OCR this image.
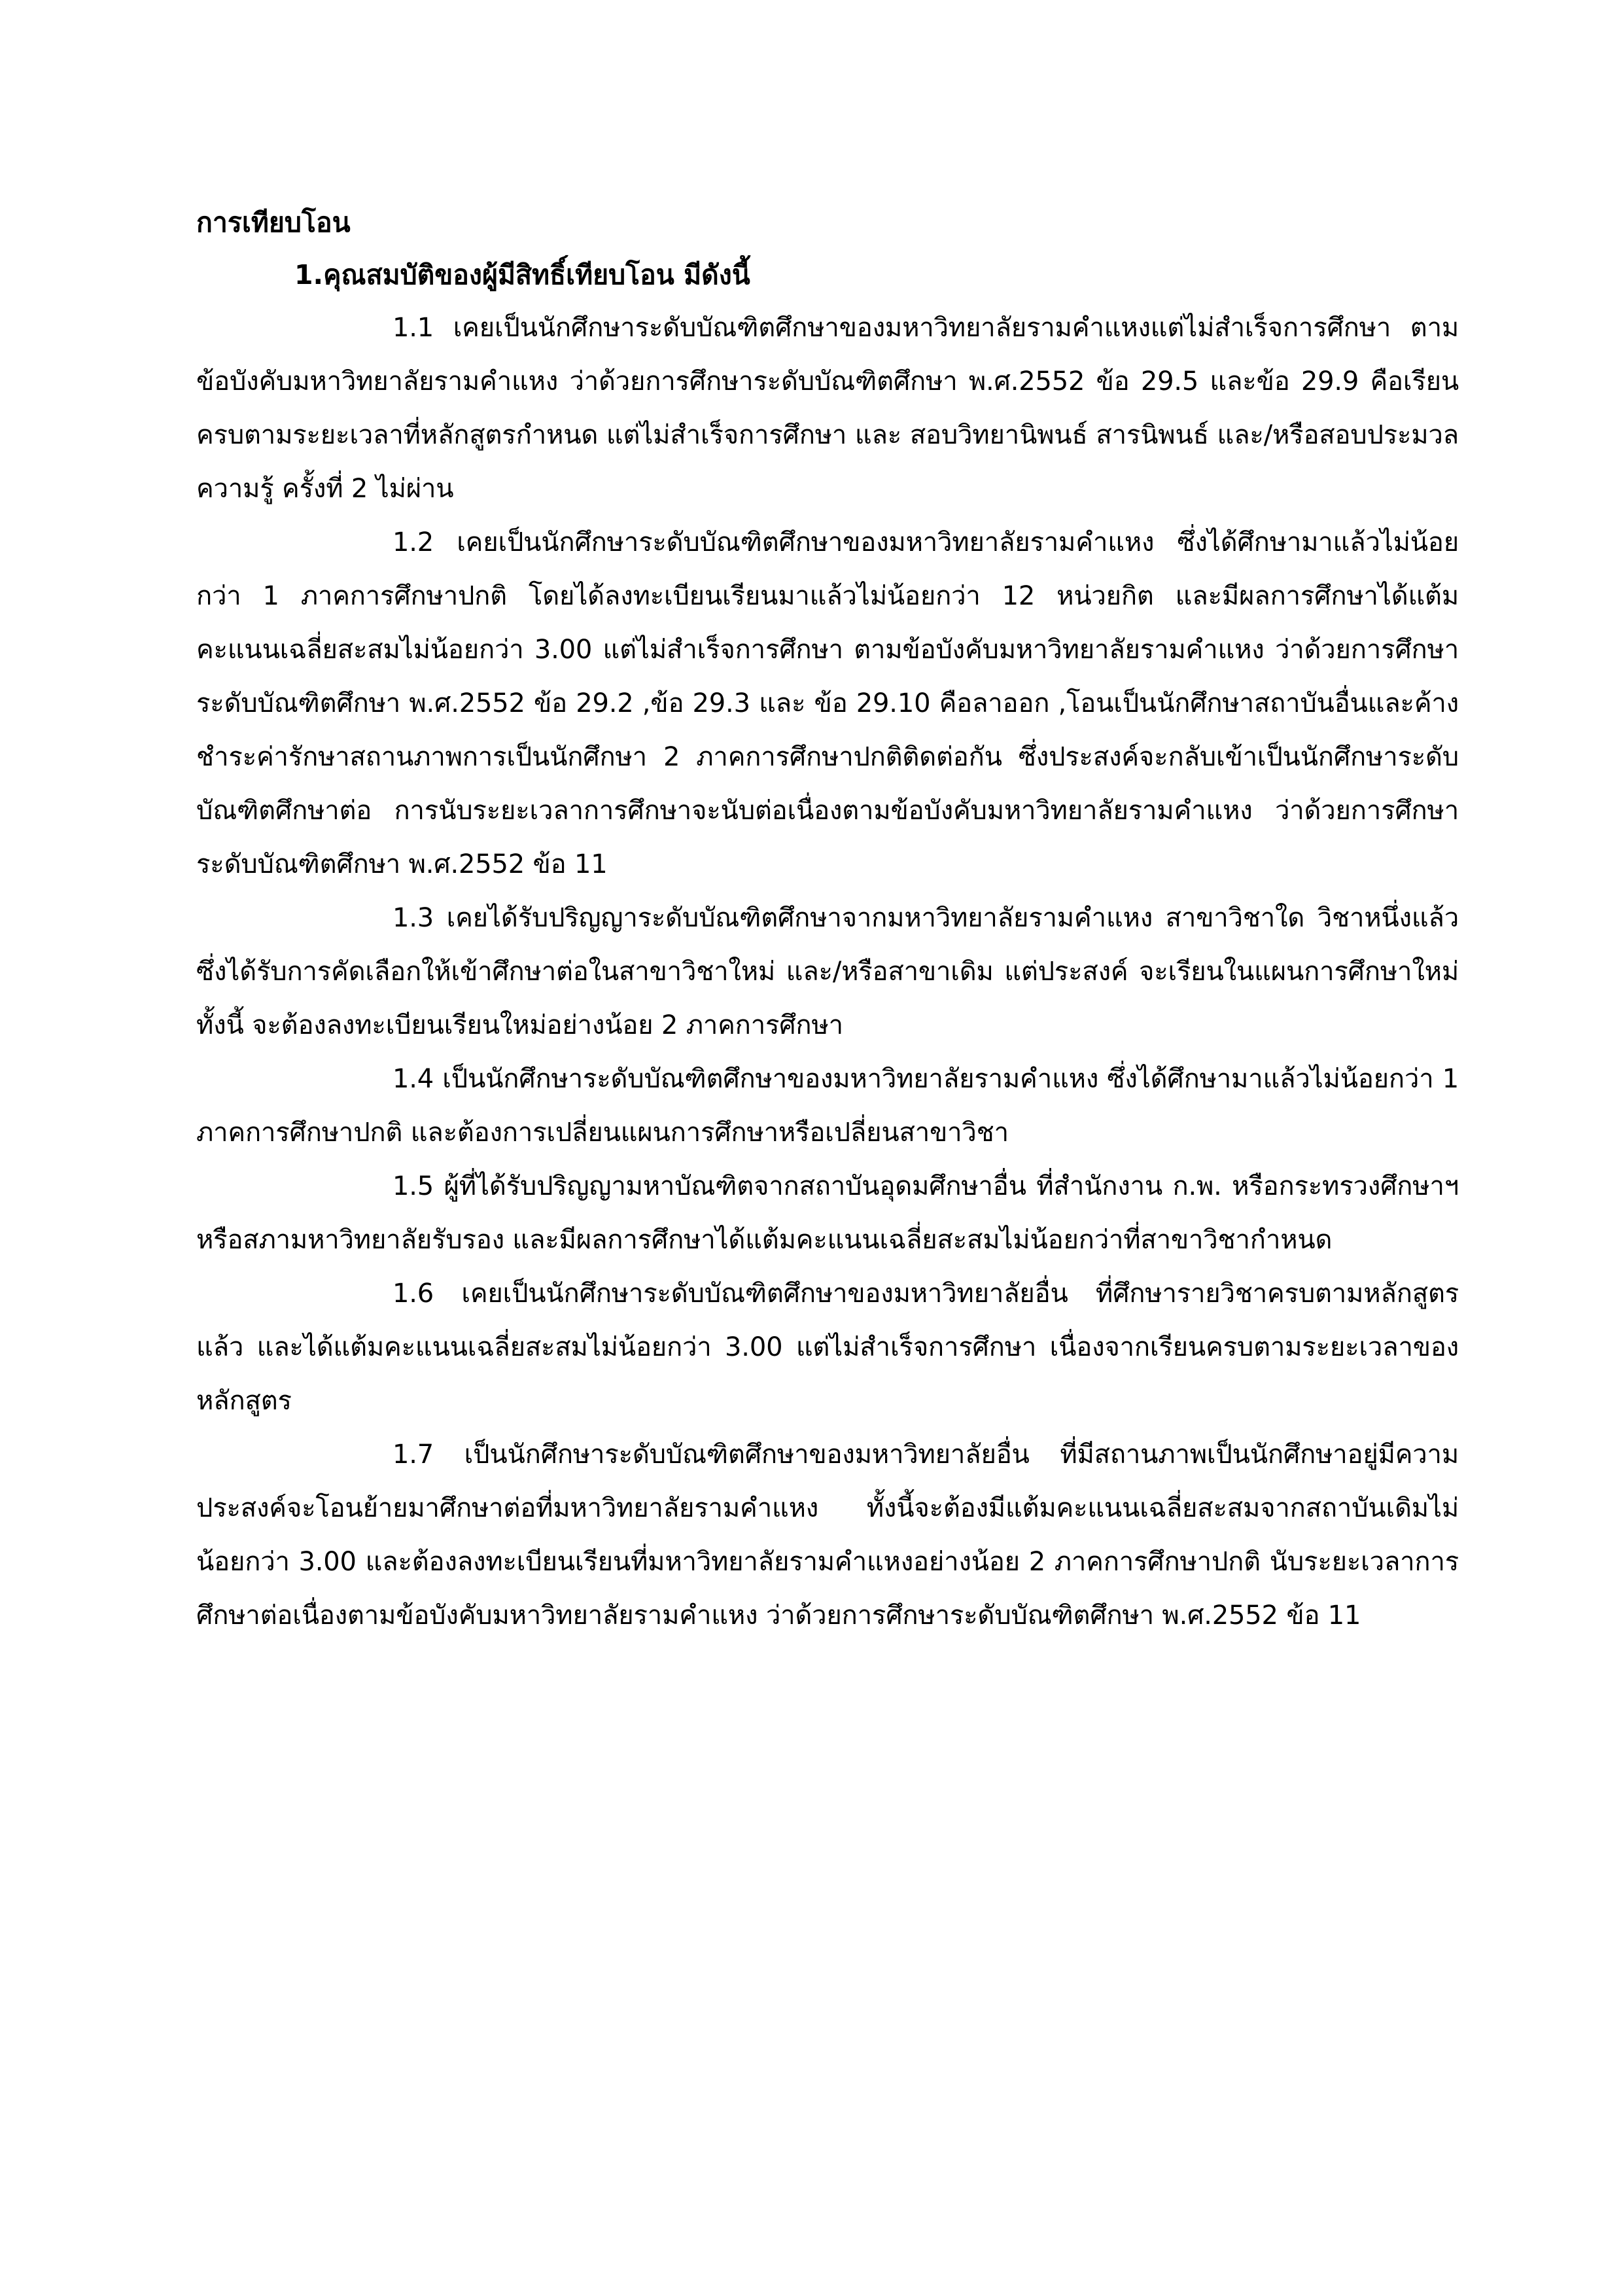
การเทียบโอน
1.คุณสมบัติของผู้มีสิทธิ์เทียบโอน มีดังนี้

1.1 เคยเป็นนักศึกษาระดับบัณฑิตศึกษาของมหาวิทยาลัยรามคำแหงแต่ไม่สำเร็จการศึกษา ตามข้อบังคับมหาวิทยาลัยรามคำแหง ว่าด้วยการศึกษาระดับบัณฑิตศึกษา พ.ศ.2552 ข้อ 29.5 และข้อ 29.9 คือเรียนครบตามระยะเวลาที่หลักสูตรกำหนด แต่ไม่สำเร็จการศึกษา และ สอบวิทยานิพนธ์ สารนิพนธ์ และ/หรือสอบประมวลความรู้ ครั้งที่ 2 ไม่ผ่าน

1.2 เคยเป็นนักศึกษาระดับบัณฑิตศึกษาของมหาวิทยาลัยรามคำแหง ซึ่งได้ศึกษามาแล้วไม่น้อยกว่า 1 ภาคการศึกษาปกติ โดยได้ลงทะเบียนเรียนมาแล้วไม่น้อยกว่า 12 หน่วยกิต และมีผลการศึกษาได้แต้มคะแนนเฉลี่ยสะสมไม่น้อยกว่า 3.00 แต่ไม่สำเร็จการศึกษา ตามข้อบังคับมหาวิทยาลัยรามคำแหง ว่าด้วยการศึกษาระดับบัณฑิตศึกษา พ.ศ.2552 ข้อ 29.2 ,ข้อ 29.3 และ ข้อ 29.10 คือลาออก ,โอนเป็นนักศึกษาสถาบันอื่นและค้างชำระค่ารักษาสถานภาพการเป็นนักศึกษา 2 ภาคการศึกษาปกติติดต่อกัน ซึ่งประสงค์จะกลับเข้าเป็นนักศึกษาระดับบัณฑิตศึกษาต่อ การนับระยะเวลาการศึกษาจะนับต่อเนื่องตามข้อบังคับมหาวิทยาลัยรามคำแหง ว่าด้วยการศึกษาระดับบัณฑิตศึกษา พ.ศ.2552 ข้อ 11

1.3 เคยได้รับปริญญาระดับบัณฑิตศึกษาจากมหาวิทยาลัยรามคำแหง สาขาวิชาใด วิชาหนึ่งแล้ว ซึ่งได้รับการคัดเลือกให้เข้าศึกษาต่อในสาขาวิชาใหม่ และ/หรือสาขาเดิม แต่ประสงค์ จะเรียนในแผนการศึกษาใหม่ทั้งนี้ จะต้องลงทะเบียนเรียนใหม่อย่างน้อย 2 ภาคการศึกษา

1.4 เป็นนักศึกษาระดับบัณฑิตศึกษาของมหาวิทยาลัยรามคำแหง ซึ่งได้ศึกษามาแล้วไม่น้อยกว่า 1 ภาคการศึกษาปกติ และต้องการเปลี่ยนแผนการศึกษาหรือเปลี่ยนสาขาวิชา

1.5 ผู้ที่ได้รับปริญญามหาบัณฑิตจากสถาบันอุดมศึกษาอื่น ที่สำนักงาน ก.พ. หรือกระทรวงศึกษาฯ หรือสภามหาวิทยาลัยรับรอง และมีผลการศึกษาได้แต้มคะแนนเฉลี่ยสะสมไม่น้อยกว่าที่สาขาวิชากำหนด

1.6 เคยเป็นนักศึกษาระดับบัณฑิตศึกษาของมหาวิทยาลัยอื่น ที่ศึกษารายวิชาครบตามหลักสูตรแล้ว และได้แต้มคะแนนเฉลี่ยสะสมไม่น้อยกว่า 3.00 แต่ไม่สำเร็จการศึกษา เนื่องจากเรียนครบตามระยะเวลาของหลักสูตร

1.7 เป็นนักศึกษาระดับบัณฑิตศึกษาของมหาวิทยาลัยอื่น ที่มีสถานภาพเป็นนักศึกษาอยู่มีความประสงค์จะโอนย้ายมาศึกษาต่อที่มหาวิทยาลัยรามคำแหง ทั้งนี้จะต้องมีแต้มคะแนนเฉลี่ยสะสมจากสถาบันเดิมไม่น้อยกว่า 3.00 และต้องลงทะเบียนเรียนที่มหาวิทยาลัยรามคำแหงอย่างน้อย 2 ภาคการศึกษาปกติ นับระยะเวลาการศึกษาต่อเนื่องตามข้อบังคับมหาวิทยาลัยรามคำแหง ว่าด้วยการศึกษาระดับบัณฑิตศึกษา พ.ศ.2552 ข้อ 11
